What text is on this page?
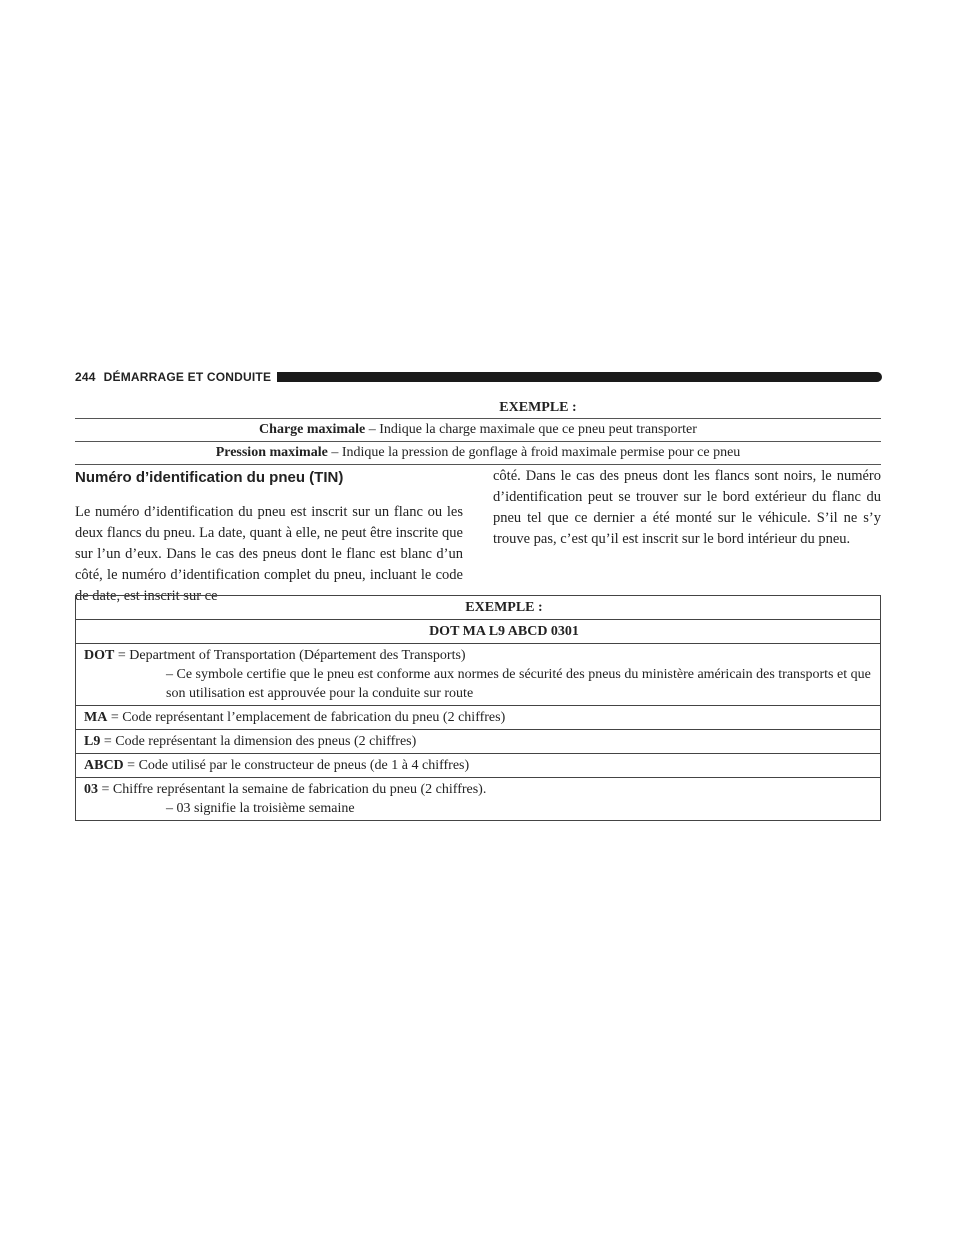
244 DÉMARRAGE ET CONDUITE
EXEMPLE :
Charge maximale – Indique la charge maximale que ce pneu peut transporter
Pression maximale – Indique la pression de gonflage à froid maximale permise pour ce pneu
Numéro d’identification du pneu (TIN)

Le numéro d’identification du pneu est inscrit sur un flanc ou les deux flancs du pneu. La date, quant à elle, ne peut être inscrite que sur l’un d’eux. Dans le cas des pneus dont le flanc est blanc d’un côté, le numéro d’identification complet du pneu, incluant le code de date, est inscrit sur ce

côté. Dans le cas des pneus dont les flancs sont noirs, le numéro d’identification peut se trouver sur le bord extérieur du flanc du pneu tel que ce dernier a été monté sur le véhicule. S’il ne s’y trouve pas, c’est qu’il est inscrit sur le bord intérieur du pneu.

EXEMPLE :
DOT MA L9 ABCD 0301
DOT = Department of Transportation (Département des Transports)
– Ce symbole certifie que le pneu est conforme aux normes de sécurité des pneus du ministère américain des transports et que son utilisation est approuvée pour la conduite sur route
MA = Code représentant l’emplacement de fabrication du pneu (2 chiffres)
L9 = Code représentant la dimension des pneus (2 chiffres)
ABCD = Code utilisé par le constructeur de pneus (de 1 à 4 chiffres)
03 = Chiffre représentant la semaine de fabrication du pneu (2 chiffres).
– 03 signifie la troisième semaine
